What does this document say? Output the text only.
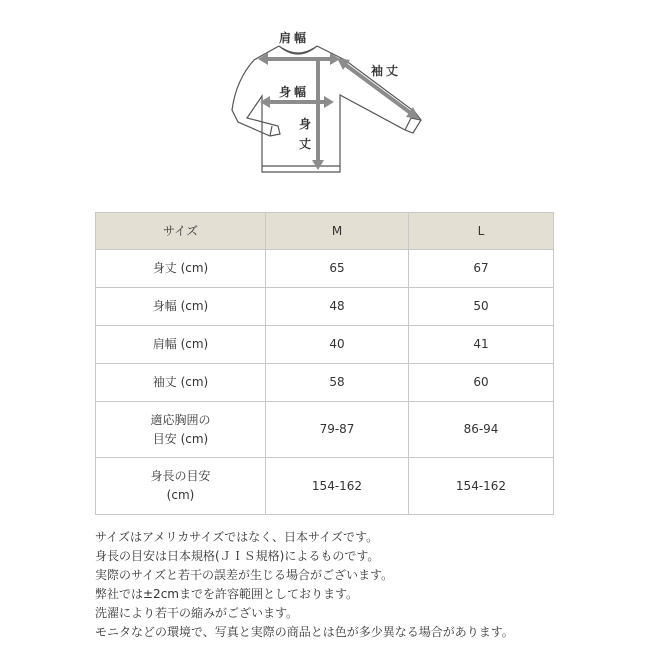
肩幅
身幅
身
丈
袖丈
サイズ	M	L
身丈 (cm)	65	67
身幅 (cm)	48	50
肩幅 (cm)	40	41
袖丈 (cm)	58	60

適応胸囲の
目安 (cm)	79-87	86-94

身長の目安
(cm)	154-162	154-162
サイズはアメリカサイズではなく、日本サイズです。
身長の目安は日本規格(ＪＩＳ規格)によるものです。
実際のサイズと若干の誤差が生じる場合がございます。
弊社では±2cmまでを許容範囲としております。
洗濯により若干の縮みがございます。
モニタなどの環境で、写真と実際の商品とは色が多少異なる場合があります。
